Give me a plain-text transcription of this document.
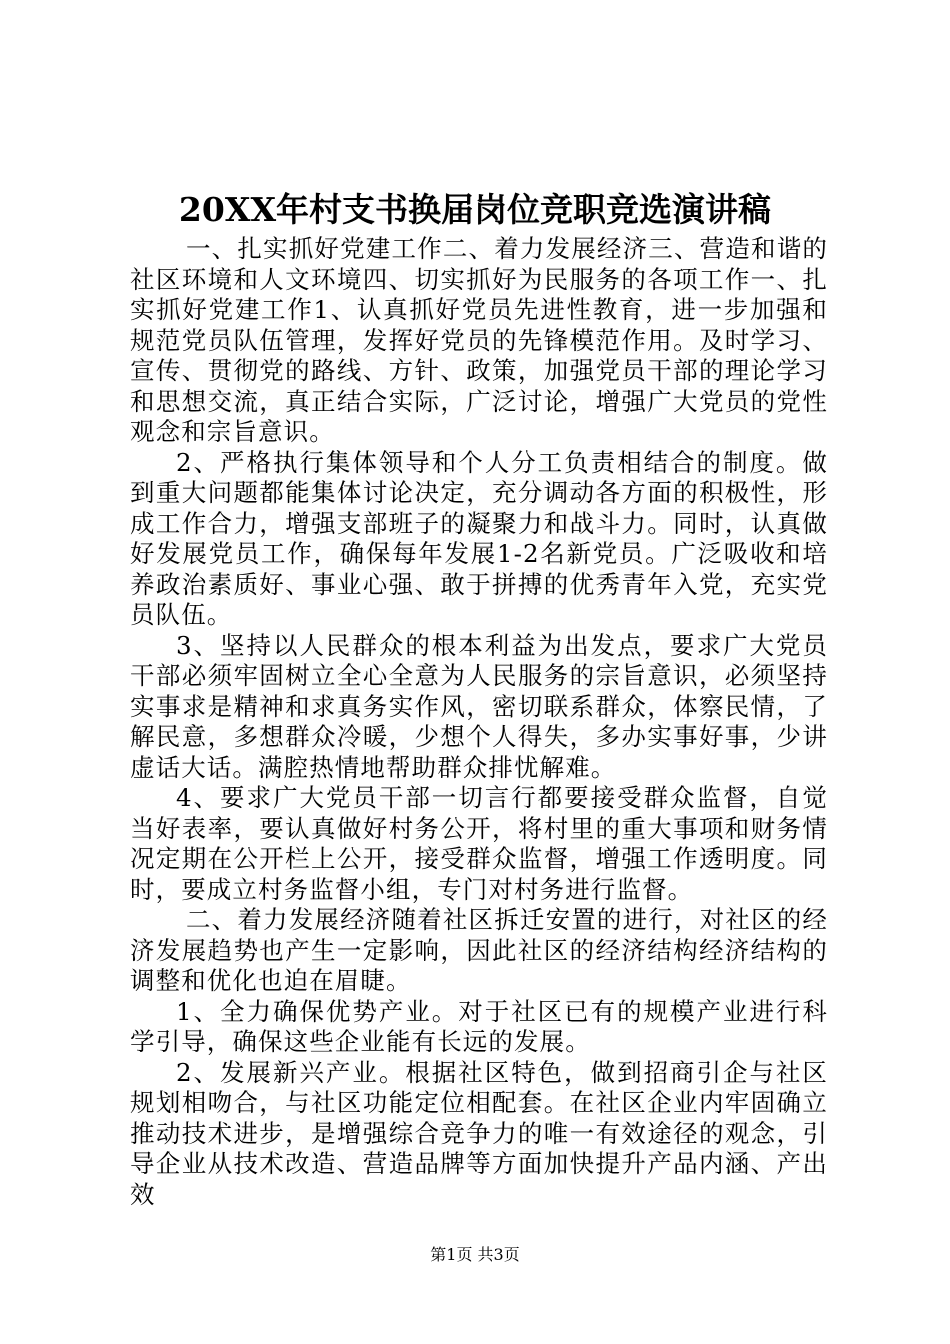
20XX年村支书换届岗位竞职竞选演讲稿

一、扎实抓好党建工作二、着力发展经济三、营造和谐的社区环境和人文环境四、切实抓好为民服务的各项工作一、扎实抓好党建工作1、认真抓好党员先进性教育，进一步加强和规范党员队伍管理，发挥好党员的先锋模范作用。及时学习、宣传、贯彻党的路线、方针、政策，加强党员干部的理论学习和思想交流，真正结合实际，广泛讨论，增强广大党员的党性观念和宗旨意识。

2、严格执行集体领导和个人分工负责相结合的制度。做到重大问题都能集体讨论决定，充分调动各方面的积极性，形成工作合力，增强支部班子的凝聚力和战斗力。同时，认真做好发展党员工作，确保每年发展1-2名新党员。广泛吸收和培养政治素质好、事业心强、敢于拼搏的优秀青年入党，充实党员队伍。

3、坚持以人民群众的根本利益为出发点，要求广大党员干部必须牢固树立全心全意为人民服务的宗旨意识，必须坚持实事求是精神和求真务实作风，密切联系群众，体察民情，了解民意，多想群众冷暖，少想个人得失，多办实事好事，少讲虚话大话。满腔热情地帮助群众排忧解难。

4、要求广大党员干部一切言行都要接受群众监督，自觉当好表率，要认真做好村务公开，将村里的重大事项和财务情况定期在公开栏上公开，接受群众监督，增强工作透明度。同时，要成立村务监督小组，专门对村务进行监督。

二、着力发展经济随着社区拆迁安置的进行，对社区的经济发展趋势也产生一定影响，因此社区的经济结构经济结构的调整和优化也迫在眉睫。

1、全力确保优势产业。对于社区已有的规模产业进行科学引导，确保这些企业能有长远的发展。

2、发展新兴产业。根据社区特色，做到招商引企与社区规划相吻合，与社区功能定位相配套。在社区企业内牢固确立推动技术进步，是增强综合竞争力的唯一有效途径的观念，引导企业从技术改造、营造品牌等方面加快提升产品内涵、产出效

第1页 共3页
